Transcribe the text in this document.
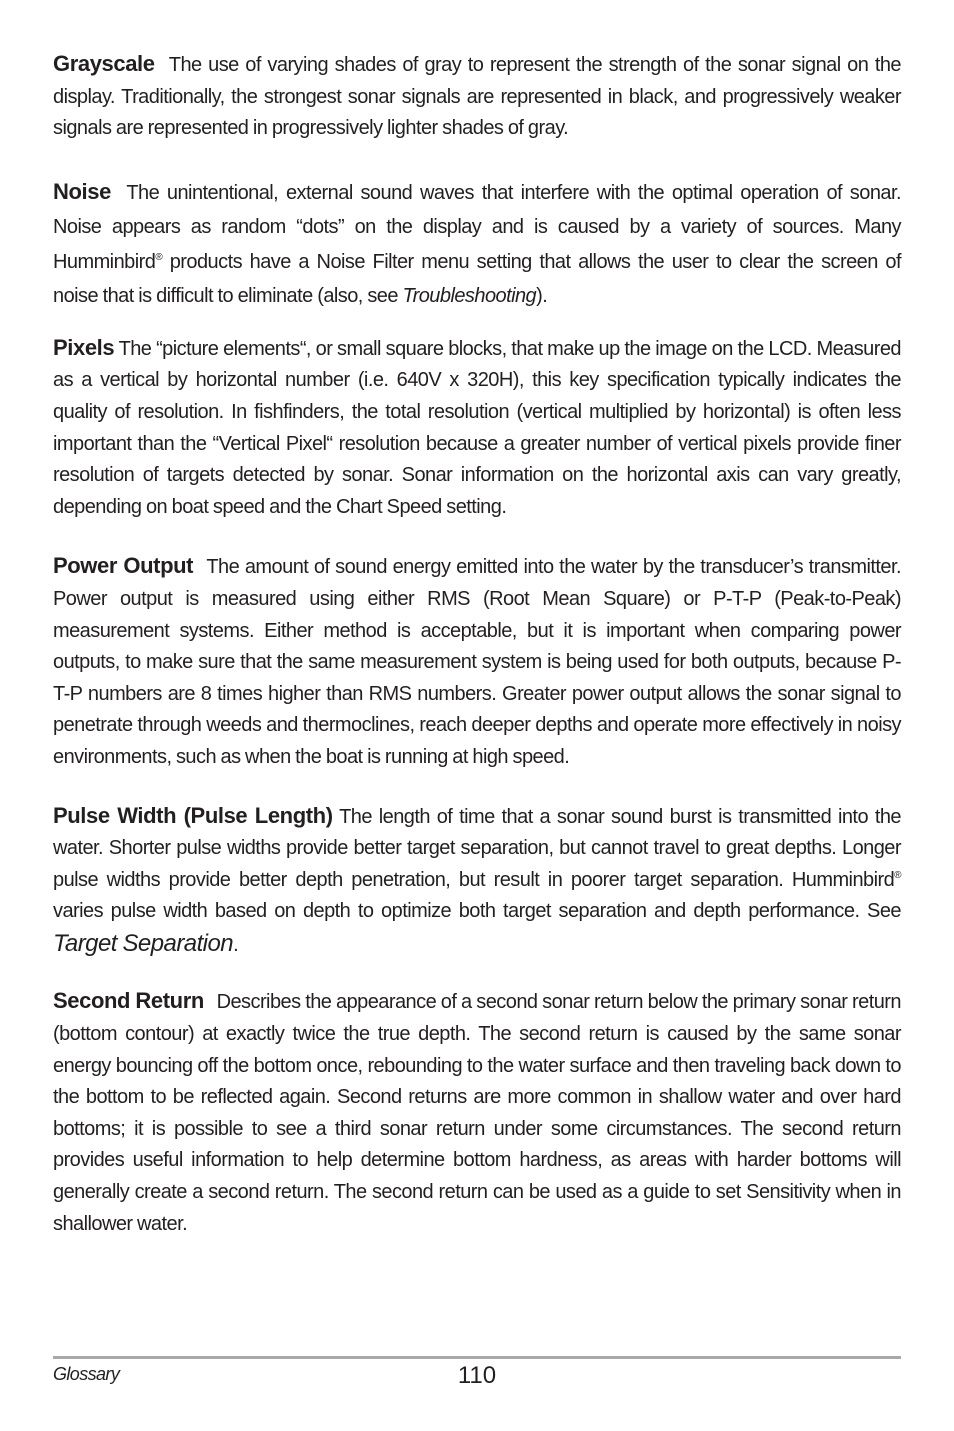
Grayscale The use of varying shades of gray to represent the strength of the sonar signal on the display. Traditionally, the strongest sonar signals are represented in black, and progressively weaker signals are represented in progressively lighter shades of gray.

Noise The unintentional, external sound waves that interfere with the optimal operation of sonar. Noise appears as random “dots” on the display and is caused by a variety of sources. Many Humminbird® products have a Noise Filter menu setting that allows the user to clear the screen of noise that is difficult to eliminate (also, see Troubleshooting).

Pixels The “picture elements“, or small square blocks, that make up the image on the LCD. Measured as a vertical by horizontal number (i.e. 640V x 320H), this key specification typically indicates the quality of resolution. In fishfinders, the total resolution (vertical multiplied by horizontal) is often less important than the “Vertical Pixel“ resolution because a greater number of vertical pixels provide finer resolution of targets detected by sonar. Sonar information on the horizontal axis can vary greatly, depending on boat speed and the Chart Speed setting.

Power Output The amount of sound energy emitted into the water by the transducer’s transmitter. Power output is measured using either RMS (Root Mean Square) or P-T-P (Peak-to-Peak) measurement systems. Either method is acceptable, but it is important when comparing power outputs, to make sure that the same measurement system is being used for both outputs, because P-T-P numbers are 8 times higher than RMS numbers. Greater power output allows the sonar signal to penetrate through weeds and thermoclines, reach deeper depths and operate more effectively in noisy environments, such as when the boat is running at high speed.

Pulse Width (Pulse Length) The length of time that a sonar sound burst is transmitted into the water. Shorter pulse widths provide better target separation, but cannot travel to great depths. Longer pulse widths provide better depth penetration, but result in poorer target separation. Humminbird® varies pulse width based on depth to optimize both target separation and depth performance. See Target Separation.

Second Return Describes the appearance of a second sonar return below the primary sonar return (bottom contour) at exactly twice the true depth. The second return is caused by the same sonar energy bouncing off the bottom once, rebounding to the water surface and then traveling back down to the bottom to be reflected again. Second returns are more common in shallow water and over hard bottoms; it is possible to see a third sonar return under some circumstances. The second return provides useful information to help determine bottom hardness, as areas with harder bottoms will generally create a second return. The second return can be used as a guide to set Sensitivity when in shallower water.

Glossary	110
